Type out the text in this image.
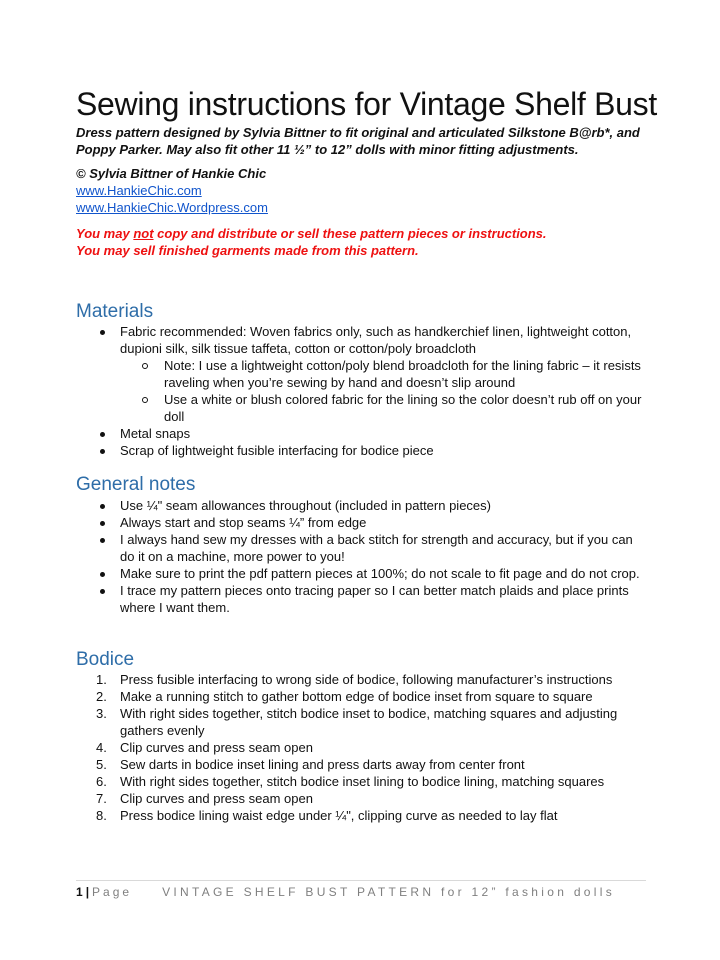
Sewing instructions for Vintage Shelf Bust
Dress pattern designed by Sylvia Bittner to fit original and articulated Silkstone B@rb*, and Poppy Parker. May also fit other 11 ½” to 12” dolls with minor fitting adjustments.
© Sylvia Bittner of Hankie Chic
www.HankieChic.com
www.HankieChic.Wordpress.com
You may not copy and distribute or sell these pattern pieces or instructions.
You may sell finished garments made from this pattern.
Materials
Fabric recommended: Woven fabrics only, such as handkerchief linen, lightweight cotton, dupioni silk, silk tissue taffeta, cotton or cotton/poly broadcloth
Note: I use a lightweight cotton/poly blend broadcloth for the lining fabric – it resists raveling when you’re sewing by hand and doesn’t slip around
Use a white or blush colored fabric for the lining so the color doesn’t rub off on your doll
Metal snaps
Scrap of lightweight fusible interfacing for bodice piece
General notes
Use ¼" seam allowances throughout (included in pattern pieces)
Always start and stop seams ¼” from edge
I always hand sew my dresses with a back stitch for strength and accuracy, but if you can do it on a machine, more power to you!
Make sure to print the pdf pattern pieces at 100%; do not scale to fit page and do not crop.
I trace my pattern pieces onto tracing paper so I can better match plaids and place prints where I want them.
Bodice
1. Press fusible interfacing to wrong side of bodice, following manufacturer’s instructions
2. Make a running stitch to gather bottom edge of bodice inset from square to square
3. With right sides together, stitch bodice inset to bodice, matching squares and adjusting gathers evenly
4. Clip curves and press seam open
5. Sew darts in bodice inset lining and press darts away from center front
6. With right sides together, stitch bodice inset lining to bodice lining, matching squares
7. Clip curves and press seam open
8. Press bodice lining waist edge under ¼", clipping curve as needed to lay flat
1 | Page	VINTAGE SHELF BUST PATTERN for 12” fashion dolls
